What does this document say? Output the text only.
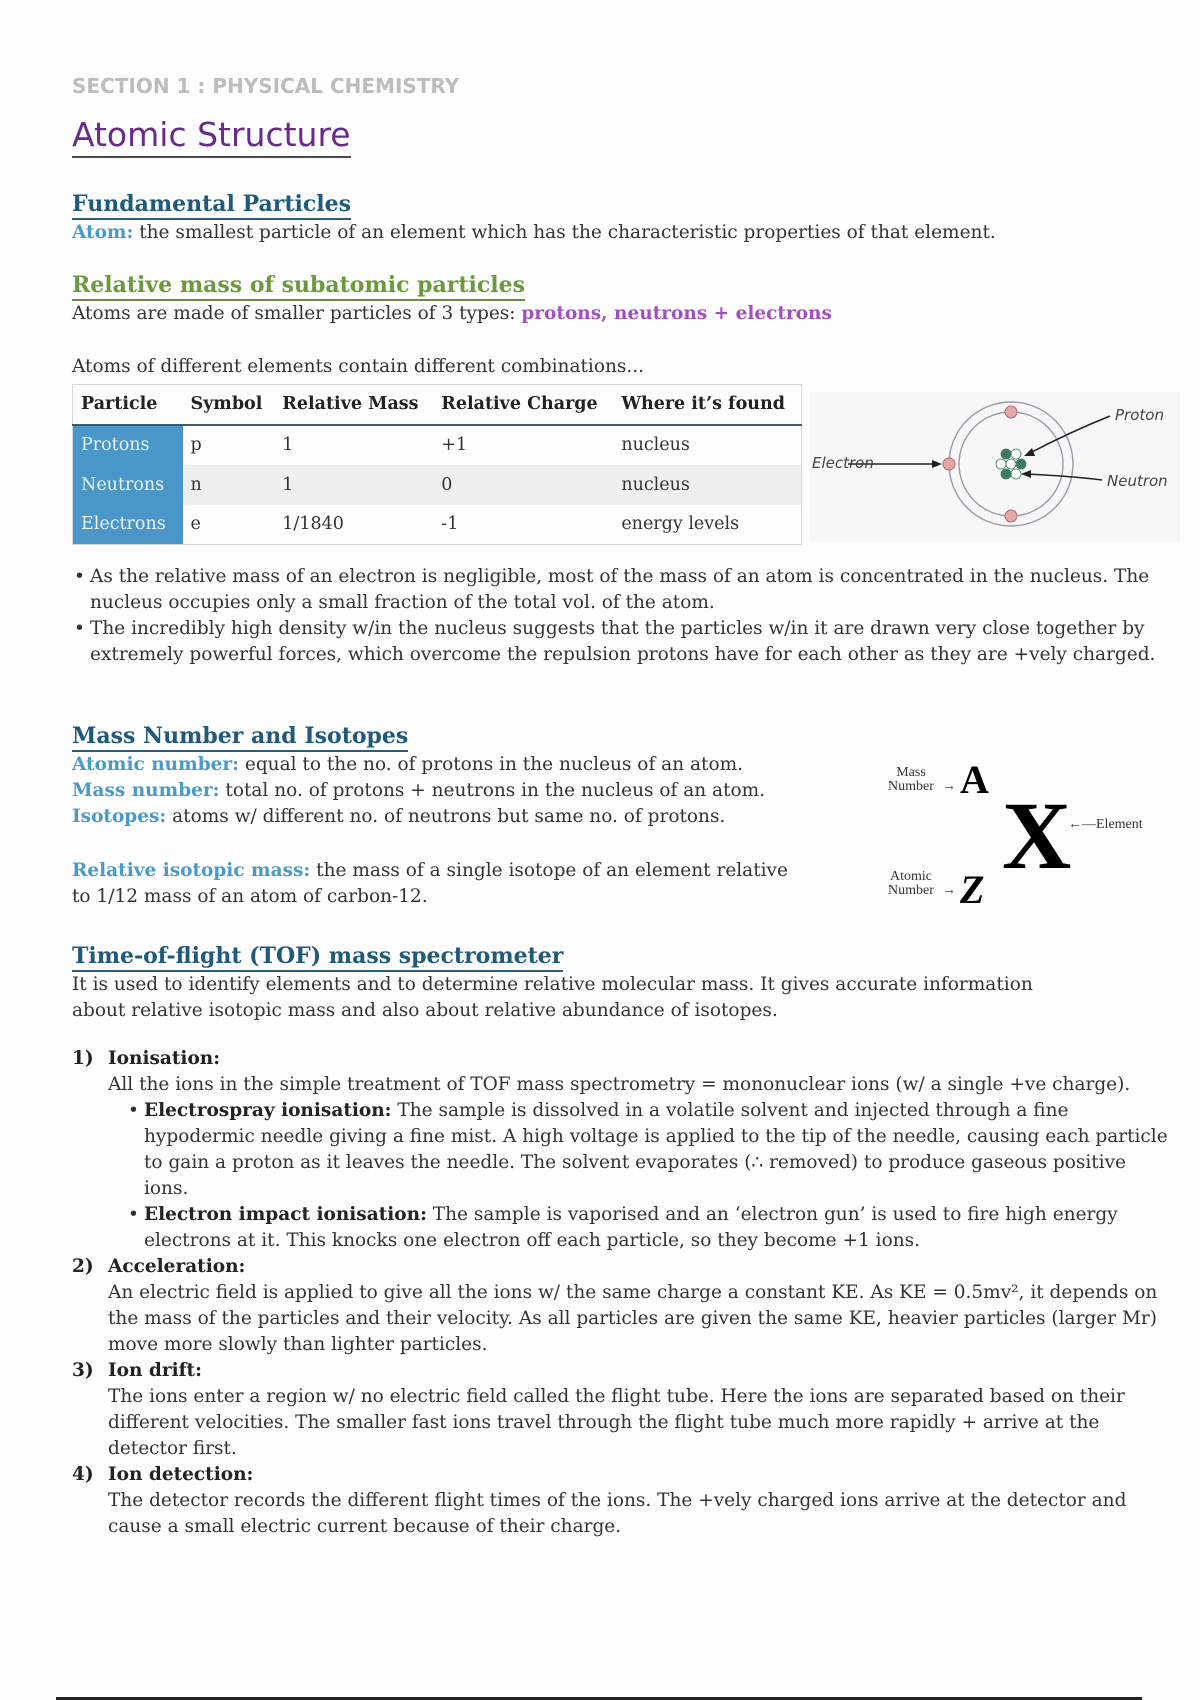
SECTION 1 : PHYSICAL CHEMISTRY
Atomic Structure
Fundamental Particles
Atom: the smallest particle of an element which has the characteristic properties of that element.
Relative mass of subatomic particles
Atoms are made of smaller particles of 3 types: protons, neutrons + electrons
Atoms of different elements contain different combinations...
Particle	Symbol	Relative Mass	Relative Charge	Where it’s found
Protons	p	1	+1	nucleus
Neutrons	n	1	0	nucleus
Electrons	e	1/1840	-1	energy levels
Electron
Proton
Neutron
• As the relative mass of an electron is negligible, most of the mass of an atom is concentrated in the nucleus. The nucleus occupies only a small fraction of the total vol. of the atom.
• The incredibly high density w/in the nucleus suggests that the particles w/in it are drawn very close together by extremely powerful forces, which overcome the repulsion protons have for each other as they are +vely charged.
Mass Number and Isotopes
Atomic number: equal to the no. of protons in the nucleus of an atom.
Mass number: total no. of protons + neutrons in the nucleus of an atom.
Isotopes: atoms w/ different no. of neutrons but same no. of protons.
Relative isotopic mass: the mass of a single isotope of an element relative
to 1/12 mass of an atom of carbon-12.
Mass
Number → A
X
←— Element
Atomic
Number → Z
Time-of-flight (TOF) mass spectrometer
It is used to identify elements and to determine relative molecular mass. It gives accurate information
about relative isotopic mass and also about relative abundance of isotopes.
1) Ionisation:
All the ions in the simple treatment of TOF mass spectrometry = mononuclear ions (w/ a single +ve charge).
• Electrospray ionisation: The sample is dissolved in a volatile solvent and injected through a fine hypodermic needle giving a fine mist. A high voltage is applied to the tip of the needle, causing each particle to gain a proton as it leaves the needle. The solvent evaporates (∴ removed) to produce gaseous positive ions.
• Electron impact ionisation: The sample is vaporised and an ‘electron gun’ is used to fire high energy electrons at it. This knocks one electron off each particle, so they become +1 ions.
2) Acceleration:
An electric field is applied to give all the ions w/ the same charge a constant KE. As KE = 0.5mv², it depends on the mass of the particles and their velocity. As all particles are given the same KE, heavier particles (larger Mr) move more slowly than lighter particles.
3) Ion drift:
The ions enter a region w/ no electric field called the flight tube. Here the ions are separated based on their different velocities. The smaller fast ions travel through the flight tube much more rapidly + arrive at the detector first.
4) Ion detection:
The detector records the different flight times of the ions. The +vely charged ions arrive at the detector and cause a small electric current because of their charge.
